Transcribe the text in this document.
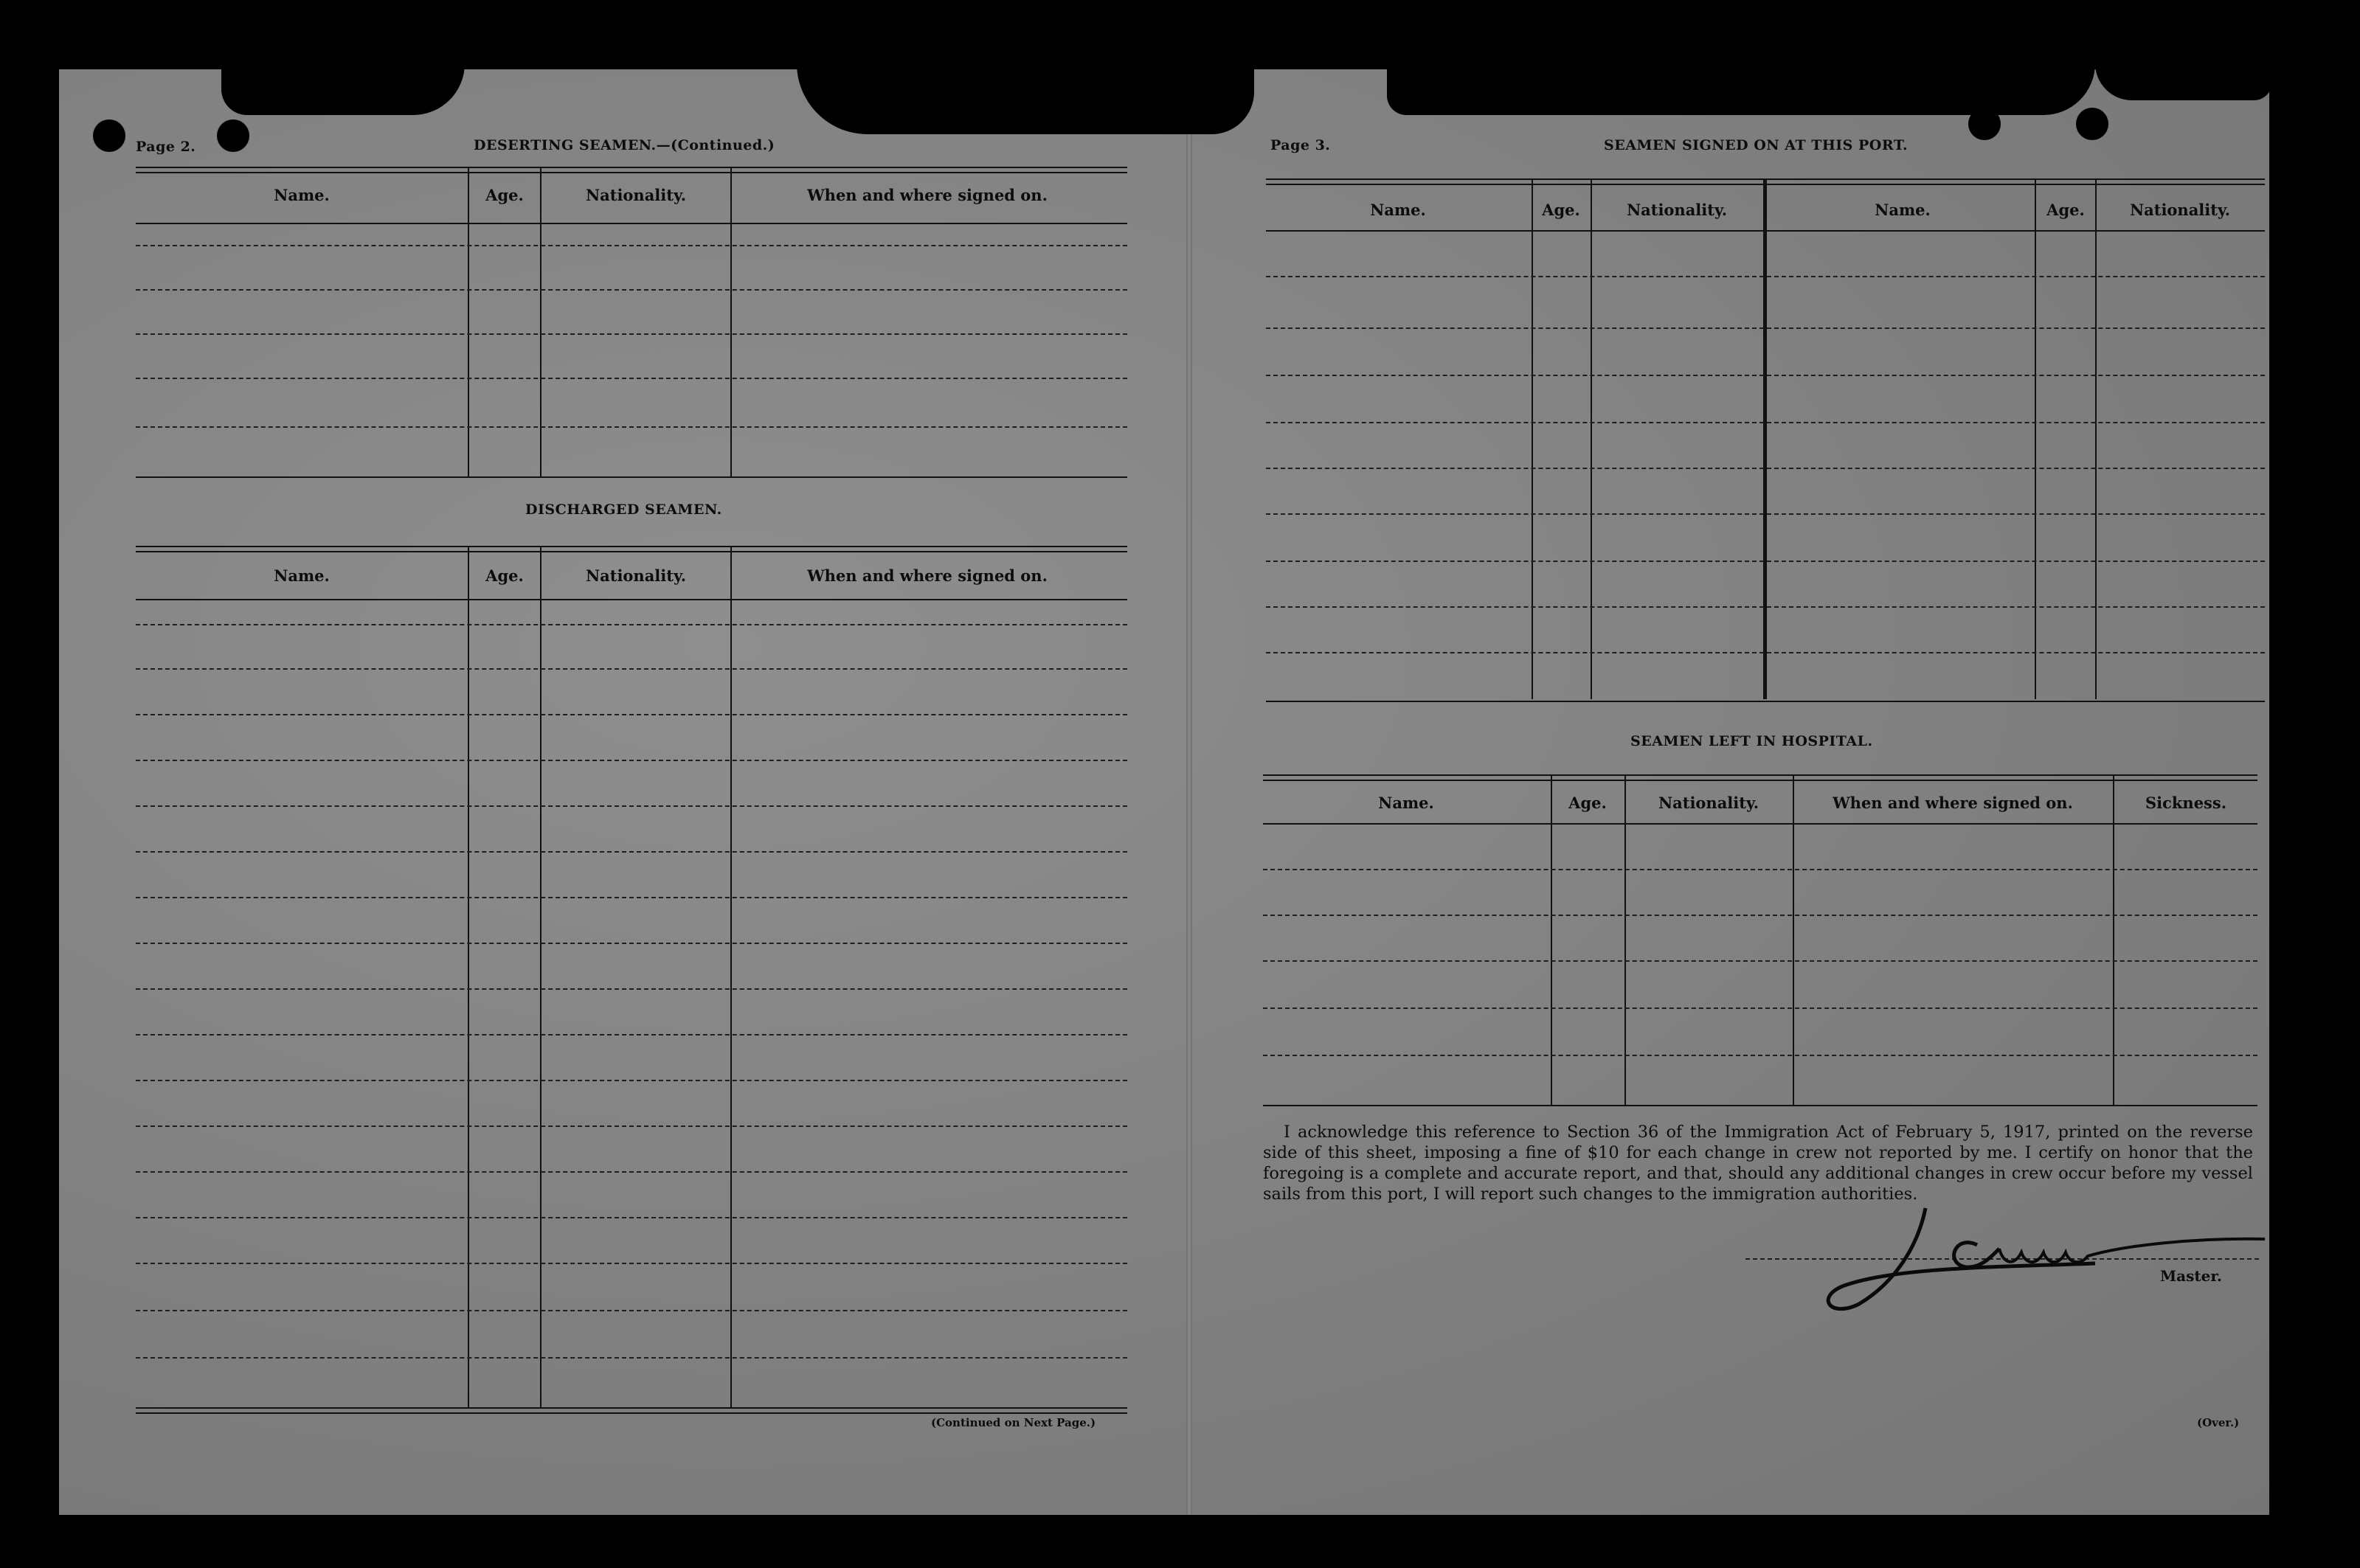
Page 2.	DESERTING SEAMEN.—(Continued.)
Name.	Age.	Nationality.	When and where signed on.
DISCHARGED SEAMEN.
Name.	Age.	Nationality.	When and where signed on.
(Continued on Next Page.)
Page 3.	SEAMEN SIGNED ON AT THIS PORT.
Name.	Age.	Nationality.	Name.	Age.	Nationality.
SEAMEN LEFT IN HOSPITAL.
Name.	Age.	Nationality.	When and where signed on.	Sickness.
I acknowledge this reference to Section 36 of the Immigration Act of February 5, 1917, printed on the reverse side of this sheet, imposing a fine of $10 for each change in crew not reported by me. I certify on honor that the foregoing is a complete and accurate report, and that, should any additional changes in crew occur before my vessel sails from this port, I will report such changes to the immigration authorities.
Master.
(Over.)
